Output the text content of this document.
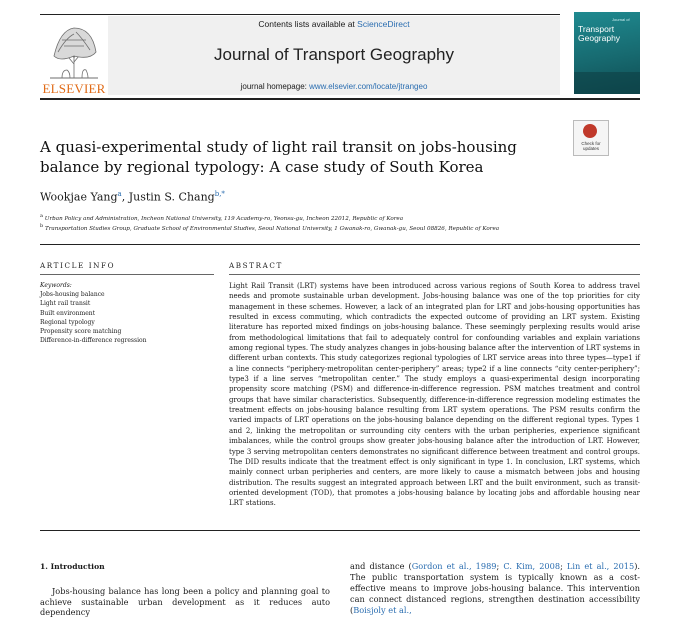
Contents lists available at ScienceDirect
Journal of Transport Geography
journal homepage: www.elsevier.com/locate/jtrangeo
ELSEVIER
Journal of
Transport Geography
A quasi-experimental study of light rail transit on jobs-housing balance by regional typology: A case study of South Korea
Check for updates
Wookjae Yang$^a$, Justin S. Chang$^{b,*}$
$^a$ Urban Policy and Administration, Incheon National University, 119 Academy-ro, Yeonsu-gu, Incheon 22012, Republic of Korea
$^b$ Transportation Studies Group, Graduate School of Environmental Studies, Seoul National University, 1 Gwanak-ro, Gwanak-gu, Seoul 08826, Republic of Korea
ARTICLE INFO	ABSTRACT
Keywords:
Jobs-housing balance
Light rail transit
Built environment
Regional typology
Propensity score matching
Difference-in-difference regression
Light Rail Transit (LRT) systems have been introduced across various regions of South Korea to address travel needs and promote sustainable urban development. Jobs-housing balance was one of the top priorities for city management in these schemes. However, a lack of an integrated plan for LRT and jobs-housing opportunities has resulted in excess commuting, which contradicts the expected outcome of providing an LRT system. Existing literature has reported mixed findings on jobs-housing balance. These seemingly perplexing results would arise from methodological limitations that fail to adequately control for confounding variables and explain variations among regional types. The study analyzes changes in jobs-housing balance after the intervention of LRT systems in different urban contexts. This study categorizes regional typologies of LRT service areas into three types—type1 if a line connects “periphery-metropolitan center-periphery” areas; type2 if a line connects “city center-periphery”; type3 if a line serves “metropolitan center.” The study employs a quasi-experimental design incorporating propensity score matching (PSM) and difference-in-difference regression. PSM matches treatment and control groups that have similar characteristics. Subsequently, difference-in-difference regression modeling estimates the treatment effects on jobs-housing balance resulting from LRT system operations. The PSM results confirm the varied impacts of LRT operations on the jobs-housing balance depending on the different regional types. Types 1 and 2, linking the metropolitan or surrounding city centers with the urban peripheries, experience significant imbalances, while the control groups show greater jobs-housing balance after the introduction of LRT. However, type 3 serving metropolitan centers demonstrates no significant difference between treatment and control groups. The DID results indicate that the treatment effect is only significant in type 1. In conclusion, LRT systems, which mainly connect urban peripheries and centers, are more likely to cause a mismatch between jobs and housing distribution. The results suggest an integrated approach between LRT and the built environment, such as transit-oriented development (TOD), that promotes a jobs-housing balance by locating jobs and affordable housing near LRT stations.
1. Introduction
Jobs-housing balance has long been a policy and planning goal to achieve sustainable urban development as it reduces auto dependency
and distance (Gordon et al., 1989; C. Kim, 2008; Lin et al., 2015). The public transportation system is typically known as a cost-effective means to improve jobs-housing balance. This intervention can connect distanced regions, strengthen destination accessibility (Boisjoly et al.,
